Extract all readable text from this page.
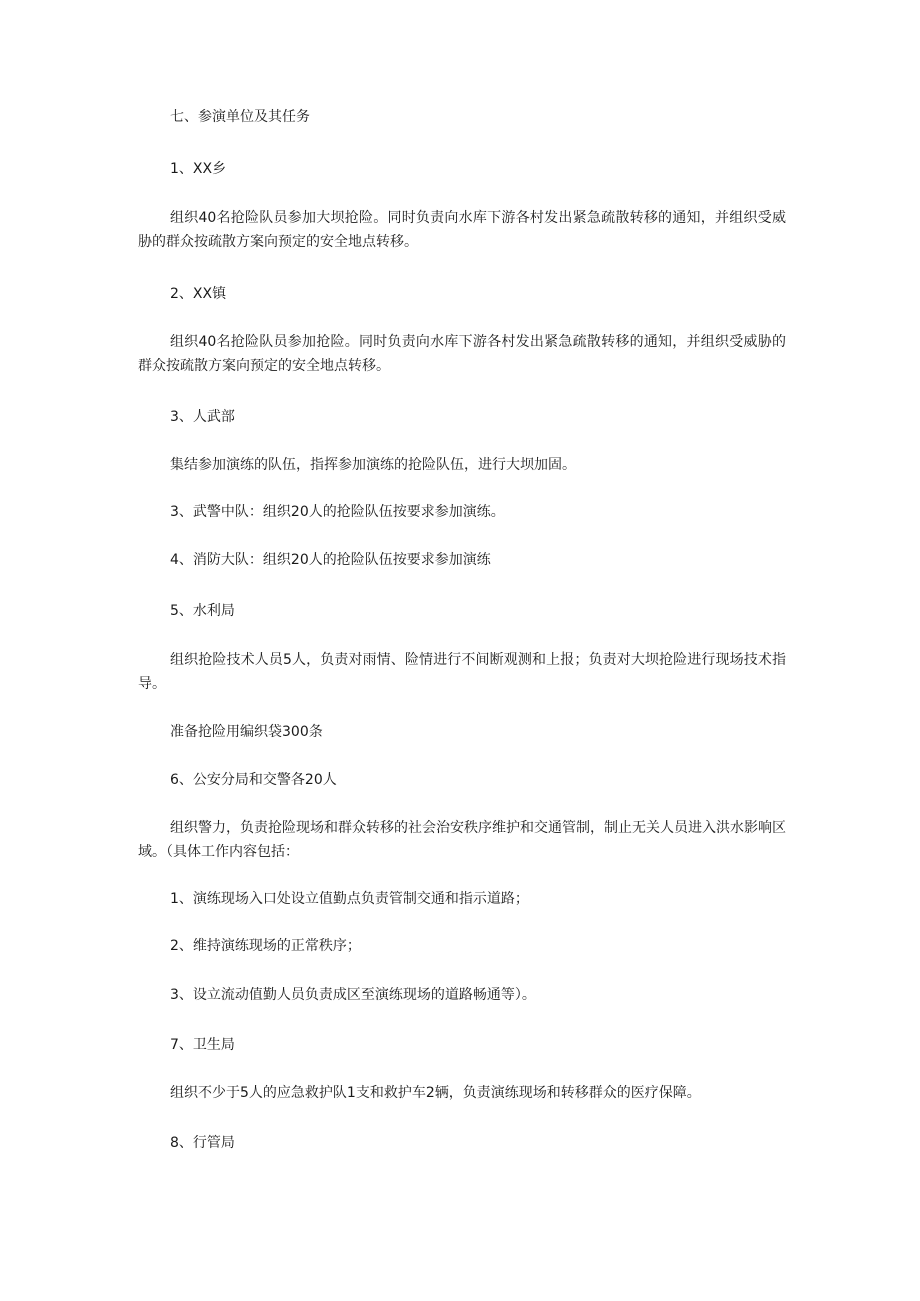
七、参演单位及其任务

1、XX乡

组织40名抢险队员参加大坝抢险。同时负责向水库下游各村发出紧急疏散转移的通知，并组织受威胁的群众按疏散方案向预定的安全地点转移。

2、XX镇

组织40名抢险队员参加抢险。同时负责向水库下游各村发出紧急疏散转移的通知，并组织受威胁的群众按疏散方案向预定的安全地点转移。

3、人武部

集结参加演练的队伍，指挥参加演练的抢险队伍，进行大坝加固。

3、武警中队：组织20人的抢险队伍按要求参加演练。

4、消防大队：组织20人的抢险队伍按要求参加演练

5、水利局

组织抢险技术人员5人，负责对雨情、险情进行不间断观测和上报；负责对大坝抢险进行现场技术指导。

准备抢险用编织袋300条

6、公安分局和交警各20人

组织警力，负责抢险现场和群众转移的社会治安秩序维护和交通管制，制止无关人员进入洪水影响区域。（具体工作内容包括：

1、演练现场入口处设立值勤点负责管制交通和指示道路；

2、维持演练现场的正常秩序；

3、设立流动值勤人员负责成区至演练现场的道路畅通等）。

7、卫生局

组织不少于5人的应急救护队1支和救护车2辆，负责演练现场和转移群众的医疗保障。

8、行管局
